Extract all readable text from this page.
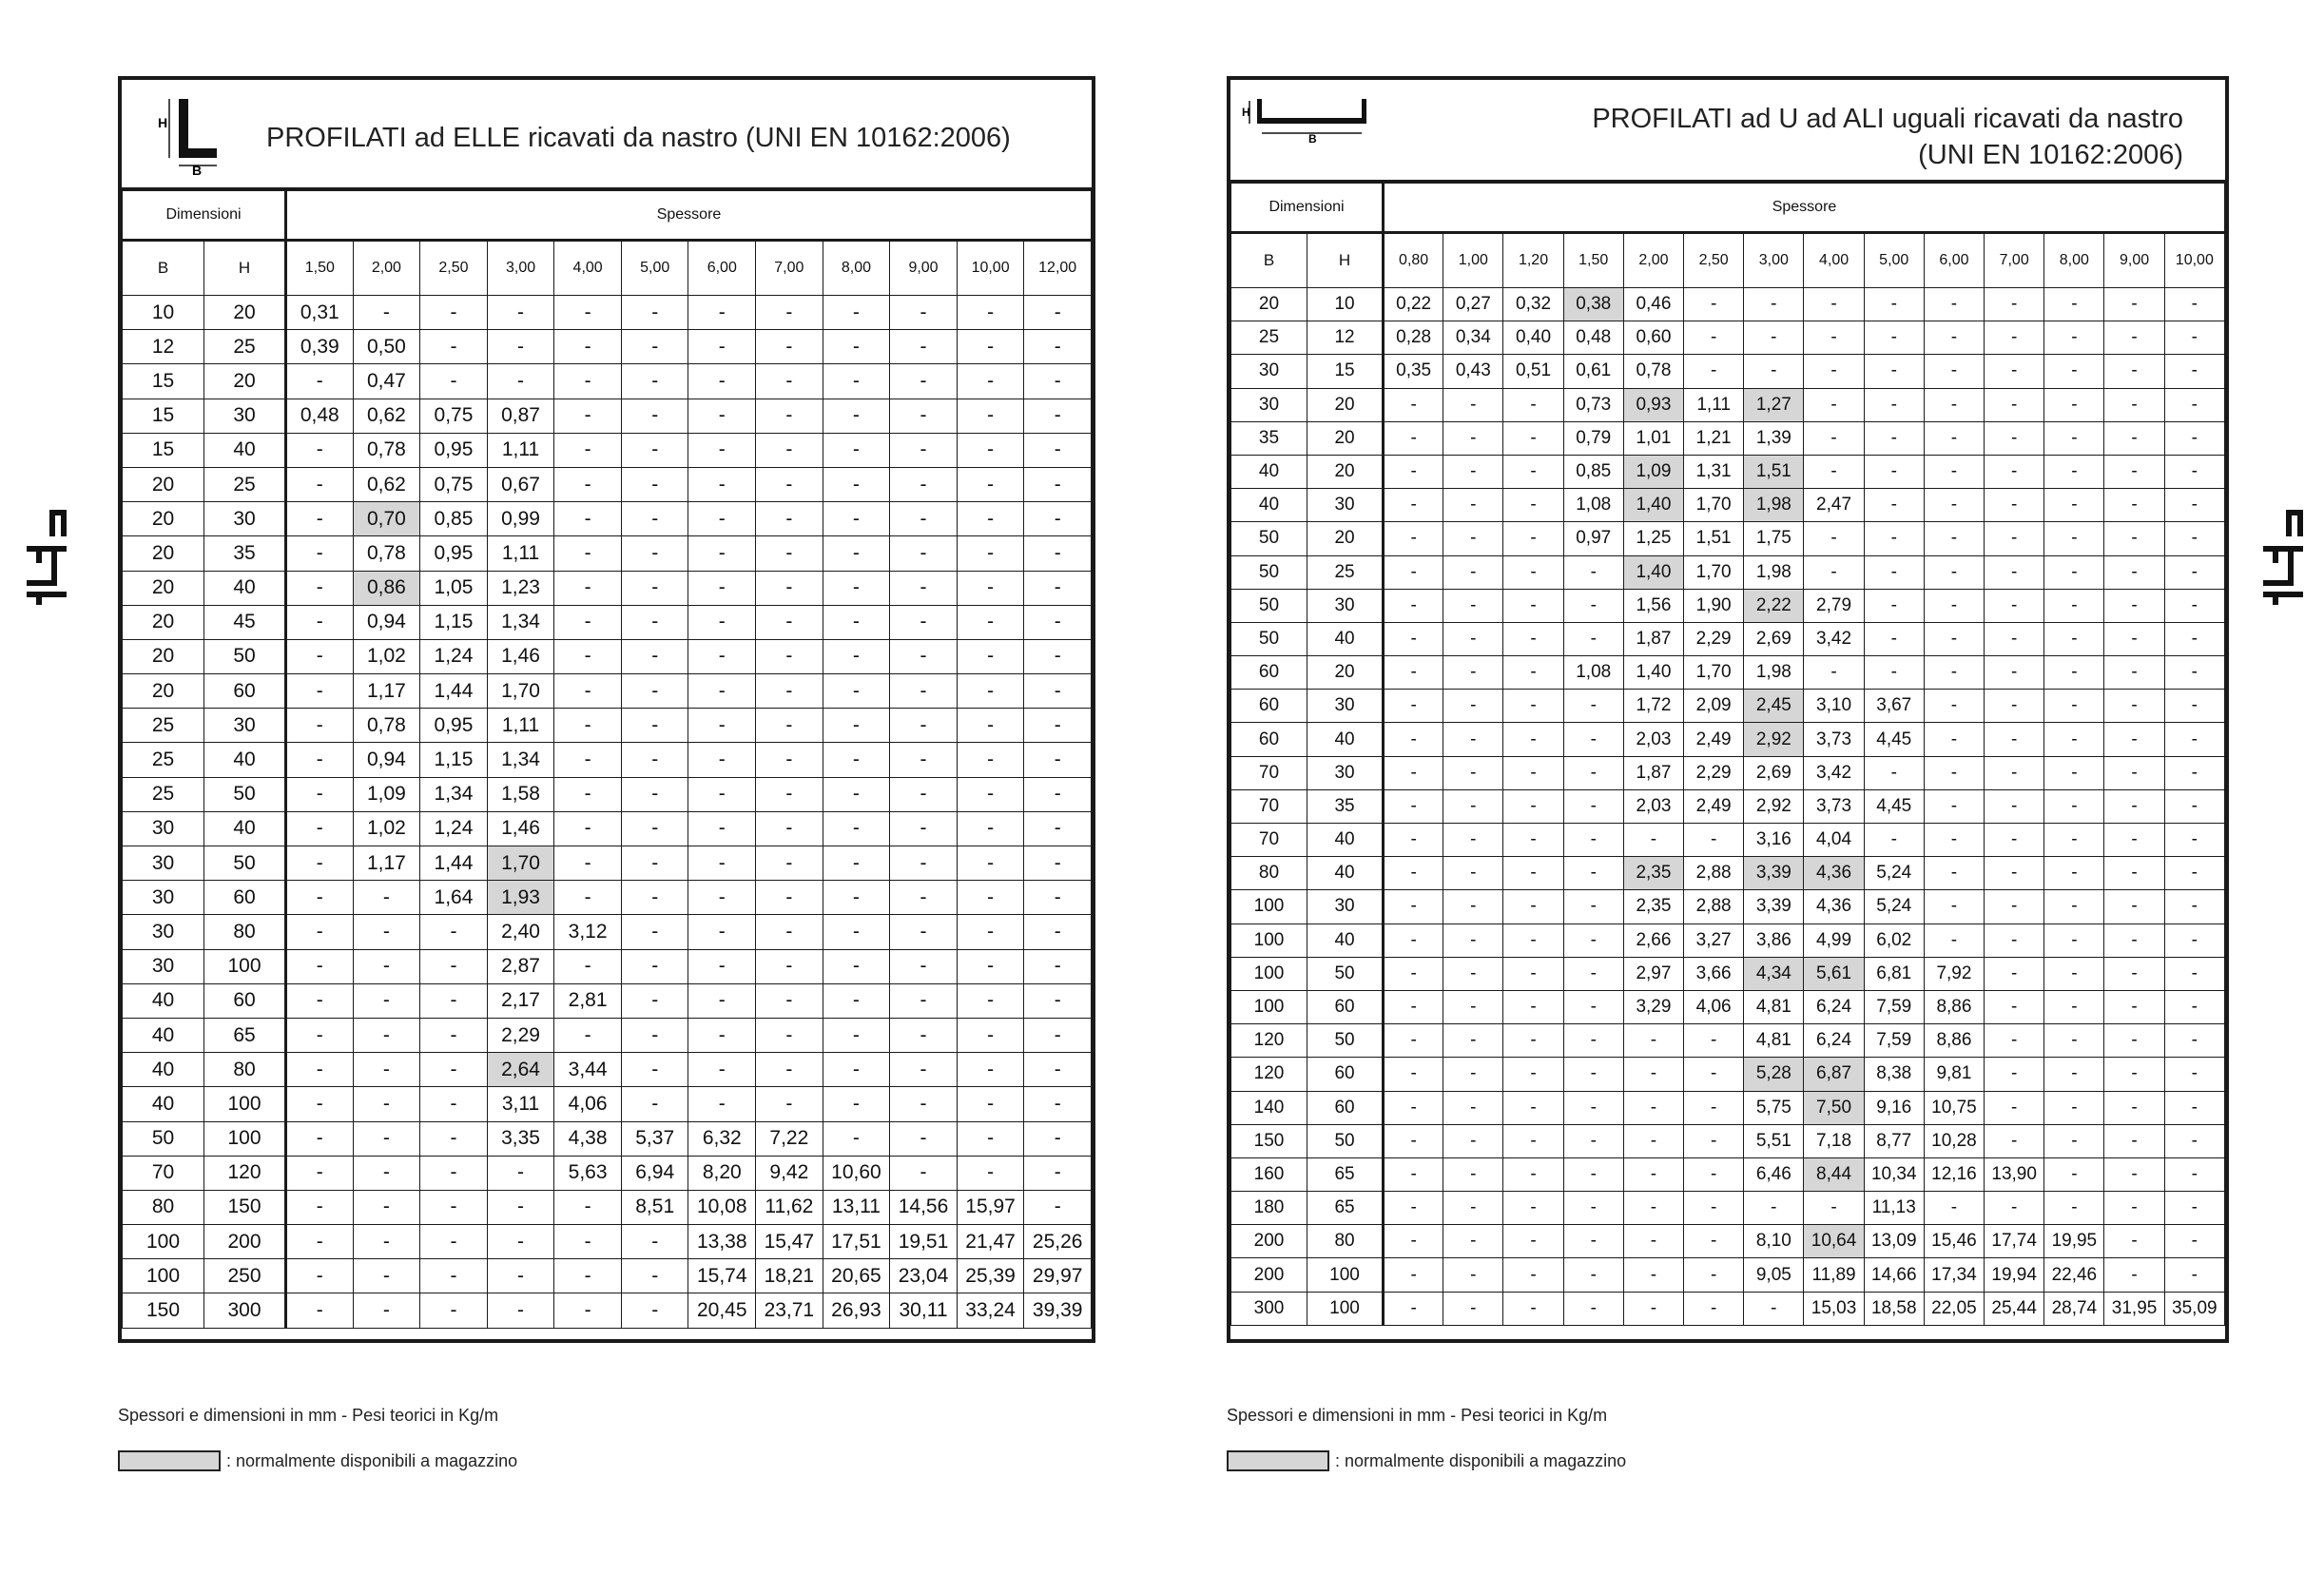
H
B
PROFILATI ad ELLE ricavati da nastro (UNI EN 10162:2006)
Dimensioni		Spessore											
B	H	1,50	2,00	2,50	3,00	4,00	5,00	6,00	7,00	8,00	9,00	10,00	12,00
10	20	0,31	-	-	-	-	-	-	-	-	-	-	-
12	25	0,39	0,50	-	-	-	-	-	-	-	-	-	-
15	20	-	0,47	-	-	-	-	-	-	-	-	-	-
15	30	0,48	0,62	0,75	0,87	-	-	-	-	-	-	-	-
15	40	-	0,78	0,95	1,11	-	-	-	-	-	-	-	-
20	25	-	0,62	0,75	0,67	-	-	-	-	-	-	-	-
20	30	-	0,70	0,85	0,99	-	-	-	-	-	-	-	-
20	35	-	0,78	0,95	1,11	-	-	-	-	-	-	-	-
20	40	-	0,86	1,05	1,23	-	-	-	-	-	-	-	-
20	45	-	0,94	1,15	1,34	-	-	-	-	-	-	-	-
20	50	-	1,02	1,24	1,46	-	-	-	-	-	-	-	-
20	60	-	1,17	1,44	1,70	-	-	-	-	-	-	-	-
25	30	-	0,78	0,95	1,11	-	-	-	-	-	-	-	-
25	40	-	0,94	1,15	1,34	-	-	-	-	-	-	-	-
25	50	-	1,09	1,34	1,58	-	-	-	-	-	-	-	-
30	40	-	1,02	1,24	1,46	-	-	-	-	-	-	-	-
30	50	-	1,17	1,44	1,70	-	-	-	-	-	-	-	-
30	60	-	-	1,64	1,93	-	-	-	-	-	-	-	-
30	80	-	-	-	2,40	3,12	-	-	-	-	-	-	-
30	100	-	-	-	2,87	-	-	-	-	-	-	-	-
40	60	-	-	-	2,17	2,81	-	-	-	-	-	-	-
40	65	-	-	-	2,29	-	-	-	-	-	-	-	-
40	80	-	-	-	2,64	3,44	-	-	-	-	-	-	-
40	100	-	-	-	3,11	4,06	-	-	-	-	-	-	-
50	100	-	-	-	3,35	4,38	5,37	6,32	7,22	-	-	-	-
70	120	-	-	-	-	5,63	6,94	8,20	9,42	10,60	-	-	-
80	150	-	-	-	-	-	8,51	10,08	11,62	13,11	14,56	15,97	-
100	200	-	-	-	-	-	-	13,38	15,47	17,51	19,51	21,47	25,26
100	250	-	-	-	-	-	-	15,74	18,21	20,65	23,04	25,39	29,97
150	300	-	-	-	-	-	-	20,45	23,71	26,93	30,11	33,24	39,39
H
B
PROFILATI ad U ad ALI uguali ricavati da nastro
(UNI EN 10162:2006)
Dimensioni		Spessore													
B	H	0,80	1,00	1,20	1,50	2,00	2,50	3,00	4,00	5,00	6,00	7,00	8,00	9,00	10,00
20	10	0,22	0,27	0,32	0,38	0,46	-	-	-	-	-	-	-	-	-
25	12	0,28	0,34	0,40	0,48	0,60	-	-	-	-	-	-	-	-	-
30	15	0,35	0,43	0,51	0,61	0,78	-	-	-	-	-	-	-	-	-
30	20	-	-	-	0,73	0,93	1,11	1,27	-	-	-	-	-	-	-
35	20	-	-	-	0,79	1,01	1,21	1,39	-	-	-	-	-	-	-
40	20	-	-	-	0,85	1,09	1,31	1,51	-	-	-	-	-	-	-
40	30	-	-	-	1,08	1,40	1,70	1,98	2,47	-	-	-	-	-	-
50	20	-	-	-	0,97	1,25	1,51	1,75	-	-	-	-	-	-	-
50	25	-	-	-	-	1,40	1,70	1,98	-	-	-	-	-	-	-
50	30	-	-	-	-	1,56	1,90	2,22	2,79	-	-	-	-	-	-
50	40	-	-	-	-	1,87	2,29	2,69	3,42	-	-	-	-	-	-
60	20	-	-	-	1,08	1,40	1,70	1,98	-	-	-	-	-	-	-
60	30	-	-	-	-	1,72	2,09	2,45	3,10	3,67	-	-	-	-	-
60	40	-	-	-	-	2,03	2,49	2,92	3,73	4,45	-	-	-	-	-
70	30	-	-	-	-	1,87	2,29	2,69	3,42	-	-	-	-	-	-
70	35	-	-	-	-	2,03	2,49	2,92	3,73	4,45	-	-	-	-	-
70	40	-	-	-	-	-	-	3,16	4,04	-	-	-	-	-	-
80	40	-	-	-	-	2,35	2,88	3,39	4,36	5,24	-	-	-	-	-
100	30	-	-	-	-	2,35	2,88	3,39	4,36	5,24	-	-	-	-	-
100	40	-	-	-	-	2,66	3,27	3,86	4,99	6,02	-	-	-	-	-
100	50	-	-	-	-	2,97	3,66	4,34	5,61	6,81	7,92	-	-	-	-
100	60	-	-	-	-	3,29	4,06	4,81	6,24	7,59	8,86	-	-	-	-
120	50	-	-	-	-	-	-	4,81	6,24	7,59	8,86	-	-	-	-
120	60	-	-	-	-	-	-	5,28	6,87	8,38	9,81	-	-	-	-
140	60	-	-	-	-	-	-	5,75	7,50	9,16	10,75	-	-	-	-
150	50	-	-	-	-	-	-	5,51	7,18	8,77	10,28	-	-	-	-
160	65	-	-	-	-	-	-	6,46	8,44	10,34	12,16	13,90	-	-	-
180	65	-	-	-	-	-	-	-	-	11,13	-	-	-	-	-
200	80	-	-	-	-	-	-	8,10	10,64	13,09	15,46	17,74	19,95	-	-
200	100	-	-	-	-	-	-	9,05	11,89	14,66	17,34	19,94	22,46	-	-
300	100	-	-	-	-	-	-	-	15,03	18,58	22,05	25,44	28,74	31,95	35,09
Spessori e dimensioni in mm - Pesi teorici in Kg/m
: normalmente disponibili a magazzino
Spessori e dimensioni in mm - Pesi teorici in Kg/m
: normalmente disponibili a magazzino
